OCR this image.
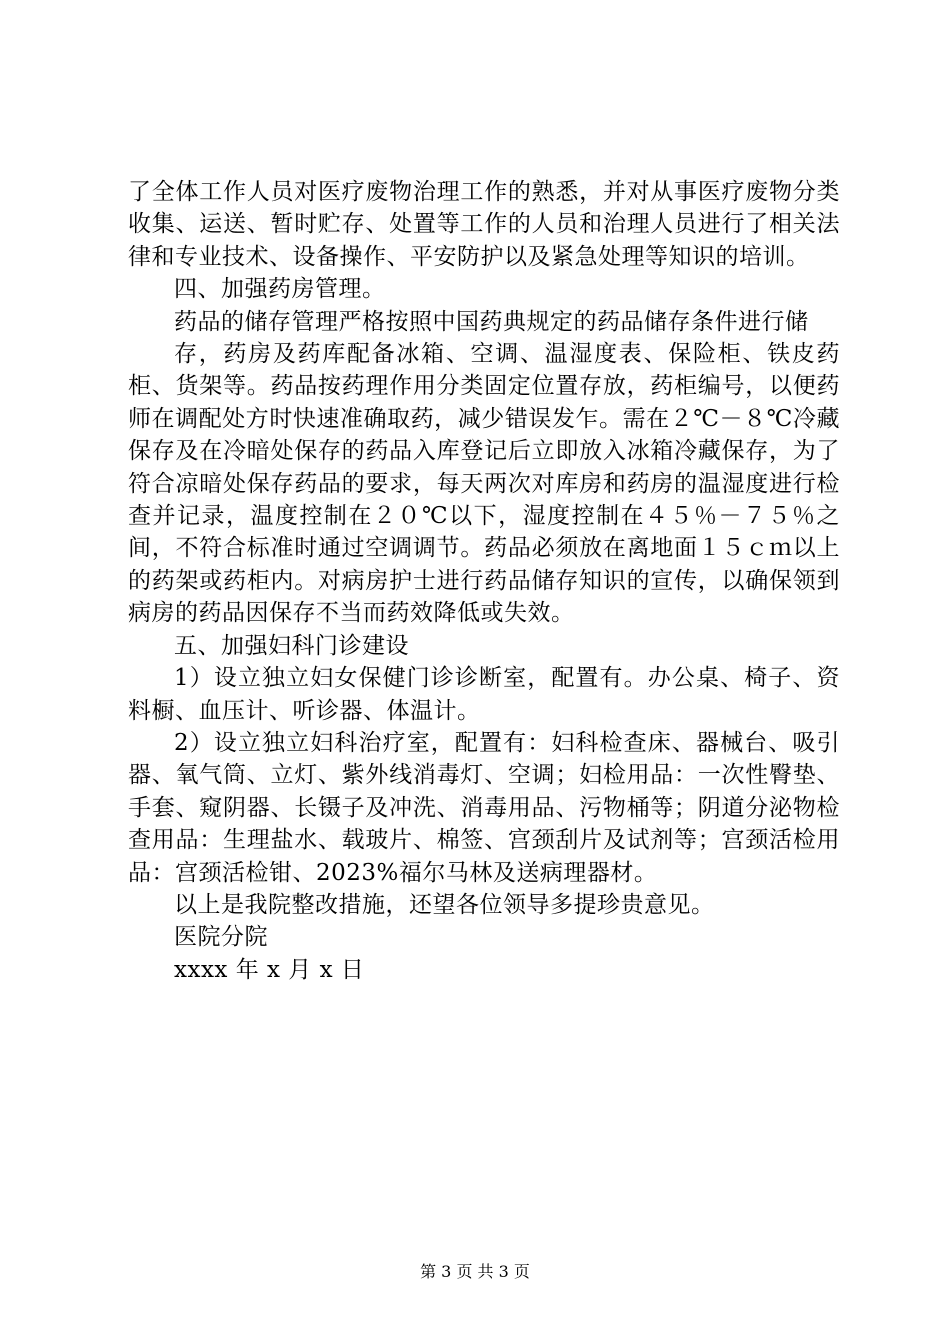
了全体工作人员对医疗废物治理工作的熟悉，并对从事医疗废物分类收集、运送、暂时贮存、处置等工作的人员和治理人员进行了相关法律和专业技术、设备操作、平安防护以及紧急处理等知识的培训。

四、加强药房管理。

药品的储存管理严格按照中国药典规定的药品储存条件进行储

存，药房及药库配备冰箱、空调、温湿度表、保险柜、铁皮药柜、货架等。药品按药理作用分类固定位置存放，药柜编号，以便药师在调配处方时快速准确取药，减少错误发乍。需在２℃－８℃冷藏保存及在冷暗处保存的药品入库登记后立即放入冰箱冷藏保存，为了符合凉暗处保存药品的要求，每天两次对库房和药房的温湿度进行检查并记录，温度控制在２０℃以下，湿度控制在４５％－７５％之间，不符合标准时通过空调调节。药品必须放在离地面１５ｃｍ以上的药架或药柜内。对病房护士进行药品储存知识的宣传，以确保领到病房的药品因保存不当而药效降低或失效。

五、加强妇科门诊建设

1）设立独立妇女保健门诊诊断室，配置有。办公桌、椅子、资料橱、血压计、听诊器、体温计。

2）设立独立妇科治疗室，配置有：妇科检查床、器械台、吸引器、氧气筒、立灯、紫外线消毒灯、空调；妇检用品：一次性臀垫、手套、窥阴器、长镊子及冲洗、消毒用品、污物桶等；阴道分泌物检查用品：生理盐水、载玻片、棉签、宫颈刮片及试剂等；宫颈活检用品：宫颈活检钳、2023%福尔马林及送病理器材。

以上是我院整改措施，还望各位领导多提珍贵意见。

医院分院

xxxx 年 x 月 x 日

第 3 页 共 3 页
